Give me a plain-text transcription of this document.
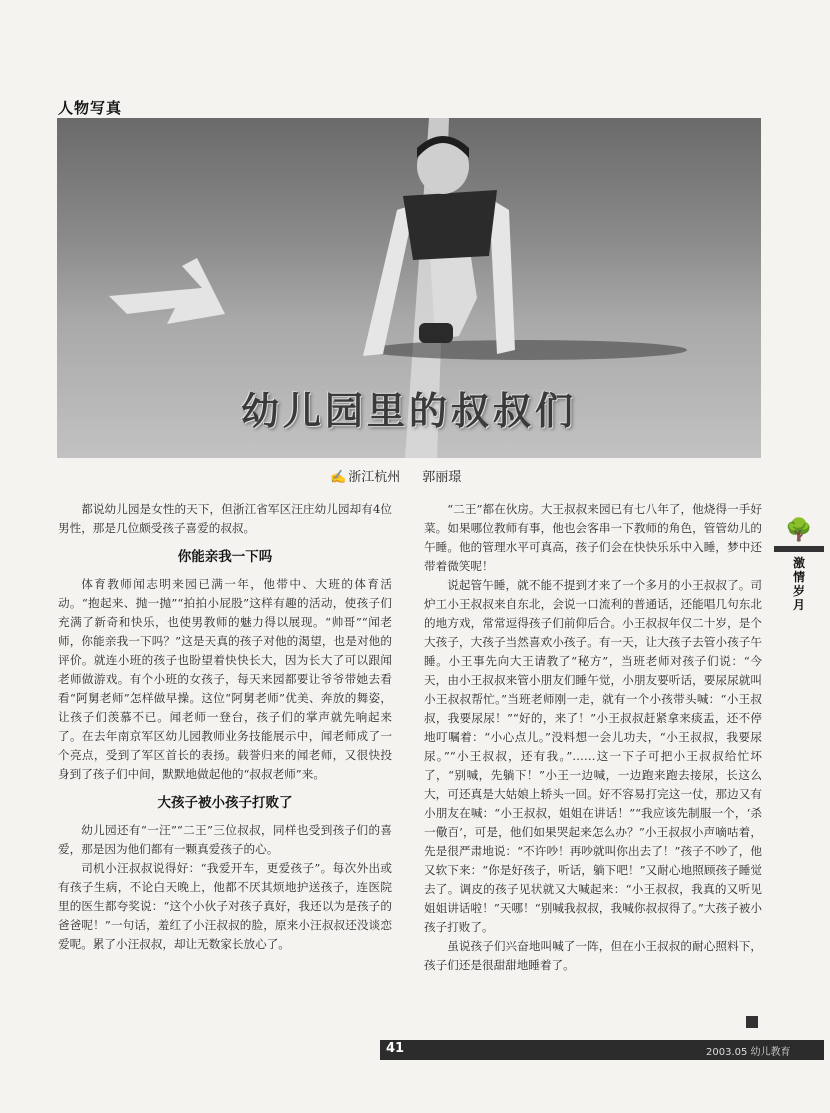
人物写真
幼儿园里的叔叔们
✍ 浙江杭州 郭丽璟

都说幼儿园是女性的天下，但浙江省军区汪庄幼儿园却有4位男性，那是几位颇受孩子喜爱的叔叔。

你能亲我一下吗

体育教师闻志明来园已满一年，他带中、大班的体育活动。“抱起来、抛一抛”“拍拍小屁股”这样有趣的活动，使孩子们充满了新奇和快乐，也使男教师的魅力得以展现。“帅哥”“闻老师，你能亲我一下吗？”这是天真的孩子对他的渴望，也是对他的评价。就连小班的孩子也盼望着快快长大，因为长大了可以跟闻老师做游戏。有个小班的女孩子，每天来园都要让爷爷带她去看看“阿舅老师”怎样做早操。这位“阿舅老师”优美、奔放的舞姿，让孩子们羡慕不已。闻老师一登台，孩子们的掌声就先响起来了。在去年南京军区幼儿园教师业务技能展示中，闻老师成了一个亮点，受到了军区首长的表扬。载誉归来的闻老师，又很快投身到了孩子们中间，默默地做起他的“叔叔老师”来。

大孩子被小孩子打败了

幼儿园还有“一汪”“二王”三位叔叔，同样也受到孩子们的喜爱，那是因为他们都有一颗真爱孩子的心。

司机小汪叔叔说得好：“我爱开车，更爱孩子”。每次外出或有孩子生病，不论白天晚上，他都不厌其烦地护送孩子，连医院里的医生都夸奖说：“这个小伙子对孩子真好，我还以为是孩子的爸爸呢！”一句话，羞红了小汪叔叔的脸，原来小汪叔叔还没谈恋爱呢。累了小汪叔叔，却让无数家长放心了。

“二王”都在伙房。大王叔叔来园已有七八年了，他烧得一手好菜。如果哪位教师有事，他也会客串一下教师的角色，管管幼儿的午睡。他的管理水平可真高，孩子们会在快快乐乐中入睡，梦中还带着微笑呢！

说起管午睡，就不能不提到才来了一个多月的小王叔叔了。司炉工小王叔叔来自东北，会说一口流利的普通话，还能唱几句东北的地方戏，常常逗得孩子们前仰后合。小王叔叔年仅二十岁，是个大孩子，大孩子当然喜欢小孩子。有一天，让大孩子去管小孩子午睡。小王事先向大王请教了“秘方”，当班老师对孩子们说：“今天，由小王叔叔来管小朋友们睡午觉，小朋友要听话，要尿尿就叫小王叔叔帮忙。”当班老师刚一走，就有一个小孩带头喊：“小王叔叔，我要尿尿！”“好的，来了！”小王叔叔赶紧拿来痰盂，还不停地叮嘱着：“小心点儿。”没料想一会儿功夫，“小王叔叔，我要尿尿。”“小王叔叔，还有我。”……这一下子可把小王叔叔给忙坏了，“别喊，先躺下！”小王一边喊，一边跑来跑去接尿，长这么大，可还真是大姑娘上轿头一回。好不容易打完这一仗，那边又有小朋友在喊：“小王叔叔，姐姐在讲话！”“我应该先制服一个，‘杀一儆百’，可是，他们如果哭起来怎么办？”小王叔叔小声嘀咕着，先是很严肃地说：“不许吵！再吵就叫你出去了！”孩子不吵了，他又软下来：“你是好孩子，听话，躺下吧！”又耐心地照顾孩子睡觉去了。调皮的孩子见状就又大喊起来：“小王叔叔，我真的又听见姐姐讲话啦！”天哪！“别喊我叔叔，我喊你叔叔得了。”大孩子被小孩子打败了。

虽说孩子们兴奋地叫喊了一阵，但在小王叔叔的耐心照料下，孩子们还是很甜甜地睡着了。

🌳
激情岁月
41	2003.05 幼儿教育
